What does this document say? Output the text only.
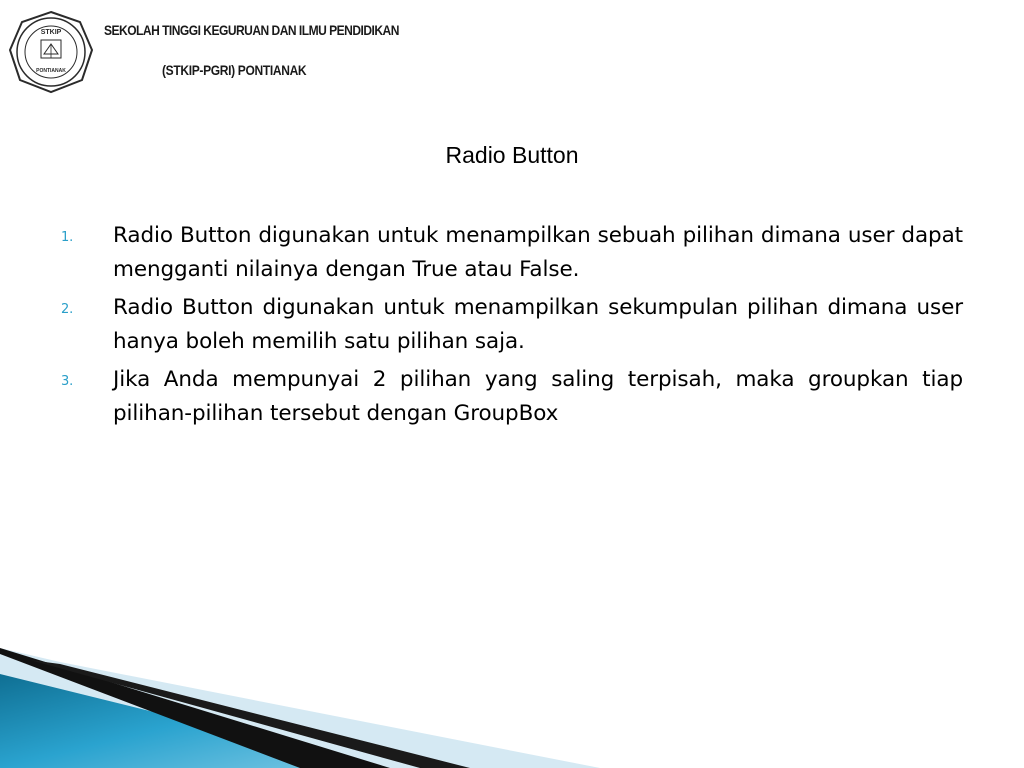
STKIP
PONTIANAK
SEKOLAH TINGGI KEGURUAN DAN ILMU PENDIDIKAN
(STKIP-PGRI) PONTIANAK
Radio Button
1. Radio Button digunakan untuk menampilkan sebuah pilihan dimana user dapat mengganti nilainya dengan True atau False.
2. Radio Button digunakan untuk menampilkan sekumpulan pilihan dimana user hanya boleh memilih satu pilihan saja.
3. Jika Anda mempunyai 2 pilihan yang saling terpisah, maka groupkan tiap pilihan-pilihan tersebut dengan GroupBox
